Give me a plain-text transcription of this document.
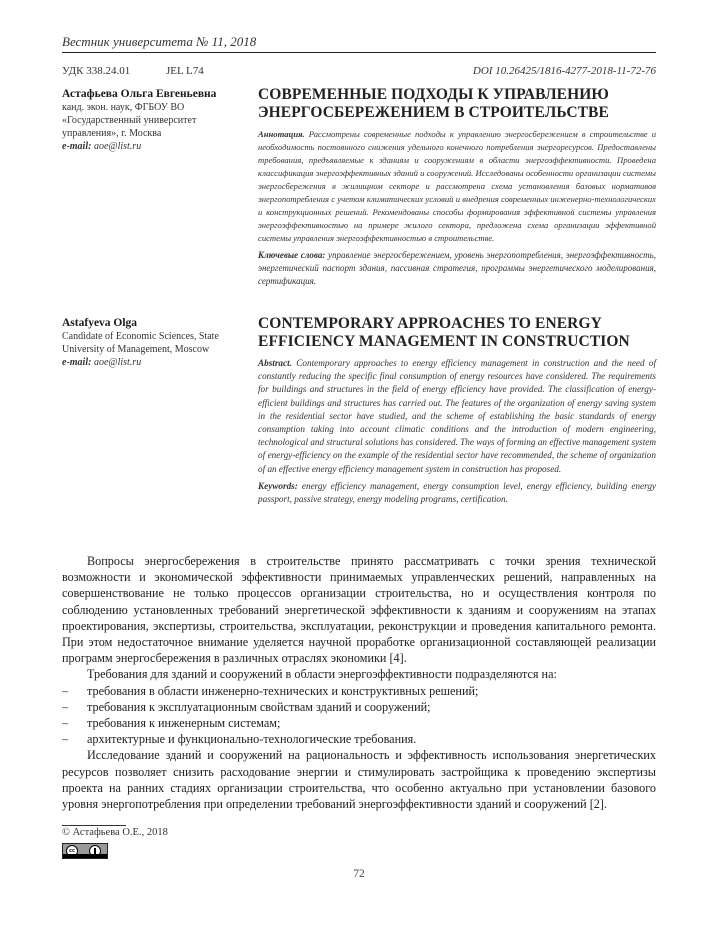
Вестник университета № 11, 2018
УДК 338.24.01	JEL L74	DOI 10.26425/1816-4277-2018-11-72-76
Астафьева Ольга Евгеньевна
канд. экон. наук, ФГБОУ ВО
«Государственный университет
управления», г. Москва
e-mail: aoe@list.ru
СОВРЕМЕННЫЕ ПОДХОДЫ К УПРАВЛЕНИЮ
ЭНЕРГОСБЕРЕЖЕНИЕМ В СТРОИТЕЛЬСТВЕ

Аннотация. Рассмотрены современные подходы к управлению энергосбережением в строительстве и необходимость постоянного снижения удельного конечного потребления энергоресурсов. Предоставлены требования, предъявляемые к зданиям и сооружениям в области энергоэффективности. Проведена классификация энергоэффективных зданий и сооружений. Исследованы особенности организации системы энергосбережения в жилищном секторе и рассмотрена схема установления базовых нормативов энергопотребления с учетом климатических условий и внедрения современных инженерно-технологических и конструкционных решений. Рекомендованы способы формирования эффективной системы управления энергоэффективностью на примере жилого сектора, предложена схема организации эффективной системы управления энергоэффективностью в строительстве.

Ключевые слова: управление энергосбережением, уровень энергопотребления, энергоэффективность, энергетический паспорт здания, пассивная стратегия, программы энергетического моделирования, сертификация.

Astafyeva Olga
Candidate of Economic Sciences, State
University of Management, Moscow
e-mail: aoe@list.ru
CONTEMPORARY APPROACHES TO ENERGY
EFFICIENCY MANAGEMENT IN CONSTRUCTION

Abstract. Contemporary approaches to energy efficiency management in construction and the need of constantly reducing the specific final consumption of energy resources have considered. The requirements for buildings and structures in the field of energy efficiency have provided. The classification of energy-efficient buildings and structures has carried out. The features of the organization of energy saving system in the residential sector have studied, and the scheme of establishing the basic standards of energy consumption taking into account climatic conditions and the introduction of modern engineering, technological and structural solutions has considered. The ways of forming an effective management system of energy-efficiency on the example of the residential sector have recommended, the scheme of organization of an effective energy efficiency management system in construction has proposed.

Keywords: energy efficiency management, energy consumption level, energy efficiency, building energy passport, passive strategy, energy modeling programs, certification.

Вопросы энергосбережения в строительстве принято рассматривать с точки зрения технической возможности и экономической эффективности принимаемых управленческих решений, направленных на совершенствование не только процессов организации строительства, но и осуществления контроля по соблюдению установленных требований энергетической эффективности к зданиям и сооружениям на этапах проектирования, экспертизы, строительства, эксплуатации, реконструкции и проведения капитального ремонта. При этом недостаточное внимание уделяется научной проработке организационной составляющей реализации программ энергосбережения в различных отраслях экономики [4].

Требования для зданий и сооружений в области энергоэффективности подразделяются на:

–	требования в области инженерно-технических и конструктивных решений;
–	требования к эксплуатационным свойствам зданий и сооружений;
–	требования к инженерным системам;
–	архитектурные и функционально-технологические требования.

Исследование зданий и сооружений на рациональность и эффективность использования энергетических ресурсов позволяет снизить расходование энергии и стимулировать застройщика к проведению экспертизы проекта на ранних стадиях организации строительства, что особенно актуально при установлении базового уровня энергопотребления при определении требований энергоэффективности зданий и сооружений [2].

© Астафьева О.Е., 2018
cc
72
